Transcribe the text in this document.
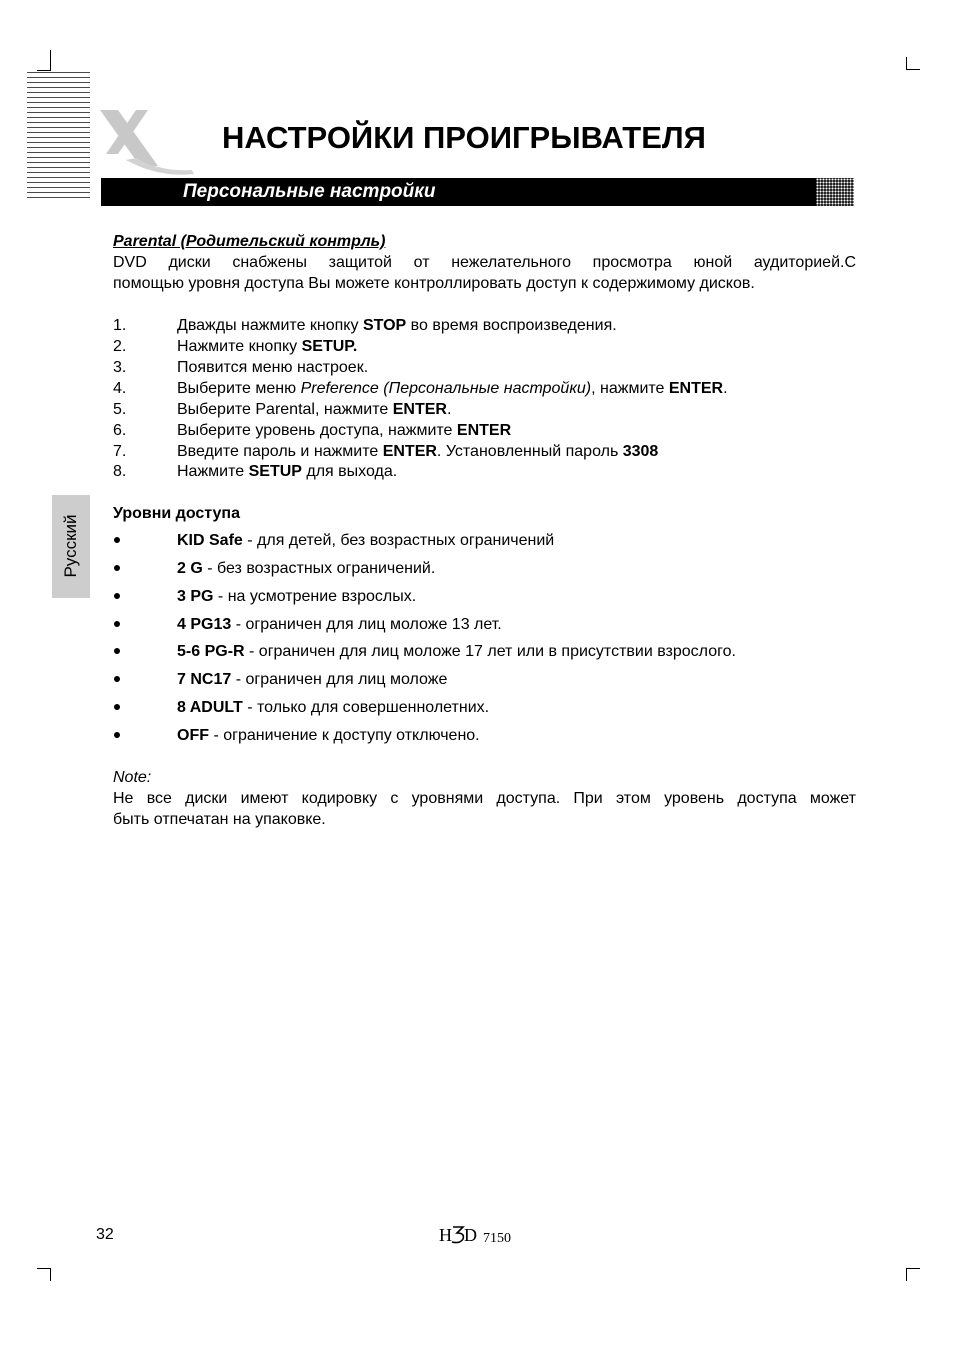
НАСТРОЙКИ ПРОИГРЫВАТЕЛЯ
Персональные настройки
Русский
Parental (Родительский контрль)
DVD диски снабжены защитой от нежелательного просмотра юной аудиторией.С
помощью уровня доступа Вы можете контроллировать доступ к содержимому дисков.
1.	Дважды нажмите кнопку STOP во время воспроизведения.
2.	Нажмите кнопку SETUP.
3.	Появится меню настроек.
4.	Выберите меню Preference (Персональные настройки), нажмите ENTER.
5.	Выберите Parental, нажмите ENTER.
6.	Выберите уровень доступа, нажмите ENTER
7.	Введите пароль и нажмите ENTER. Установленный пароль 3308
8.	Нажмите SETUP для выхода.
Уровни доступа
KID Safe - для детей, без возрастных ограничений
2 G - без возрастных ограничений.
3 PG - на усмотрение взрослых.
4 PG13 - ограничен для лиц моложе 13 лет.
5-6 PG-R - ограничен для лиц моложе 17 лет или в присутствии взрослого.
7 NC17 - ограничен для лиц моложе
8 ADULT - только для совершеннолетних.
OFF - ограничение к доступу отключено.
Note:
Не все диски имеют кодировку с уровнями доступа. При этом уровень доступа может
быть отпечатан на упаковке.
32	H D 7150
